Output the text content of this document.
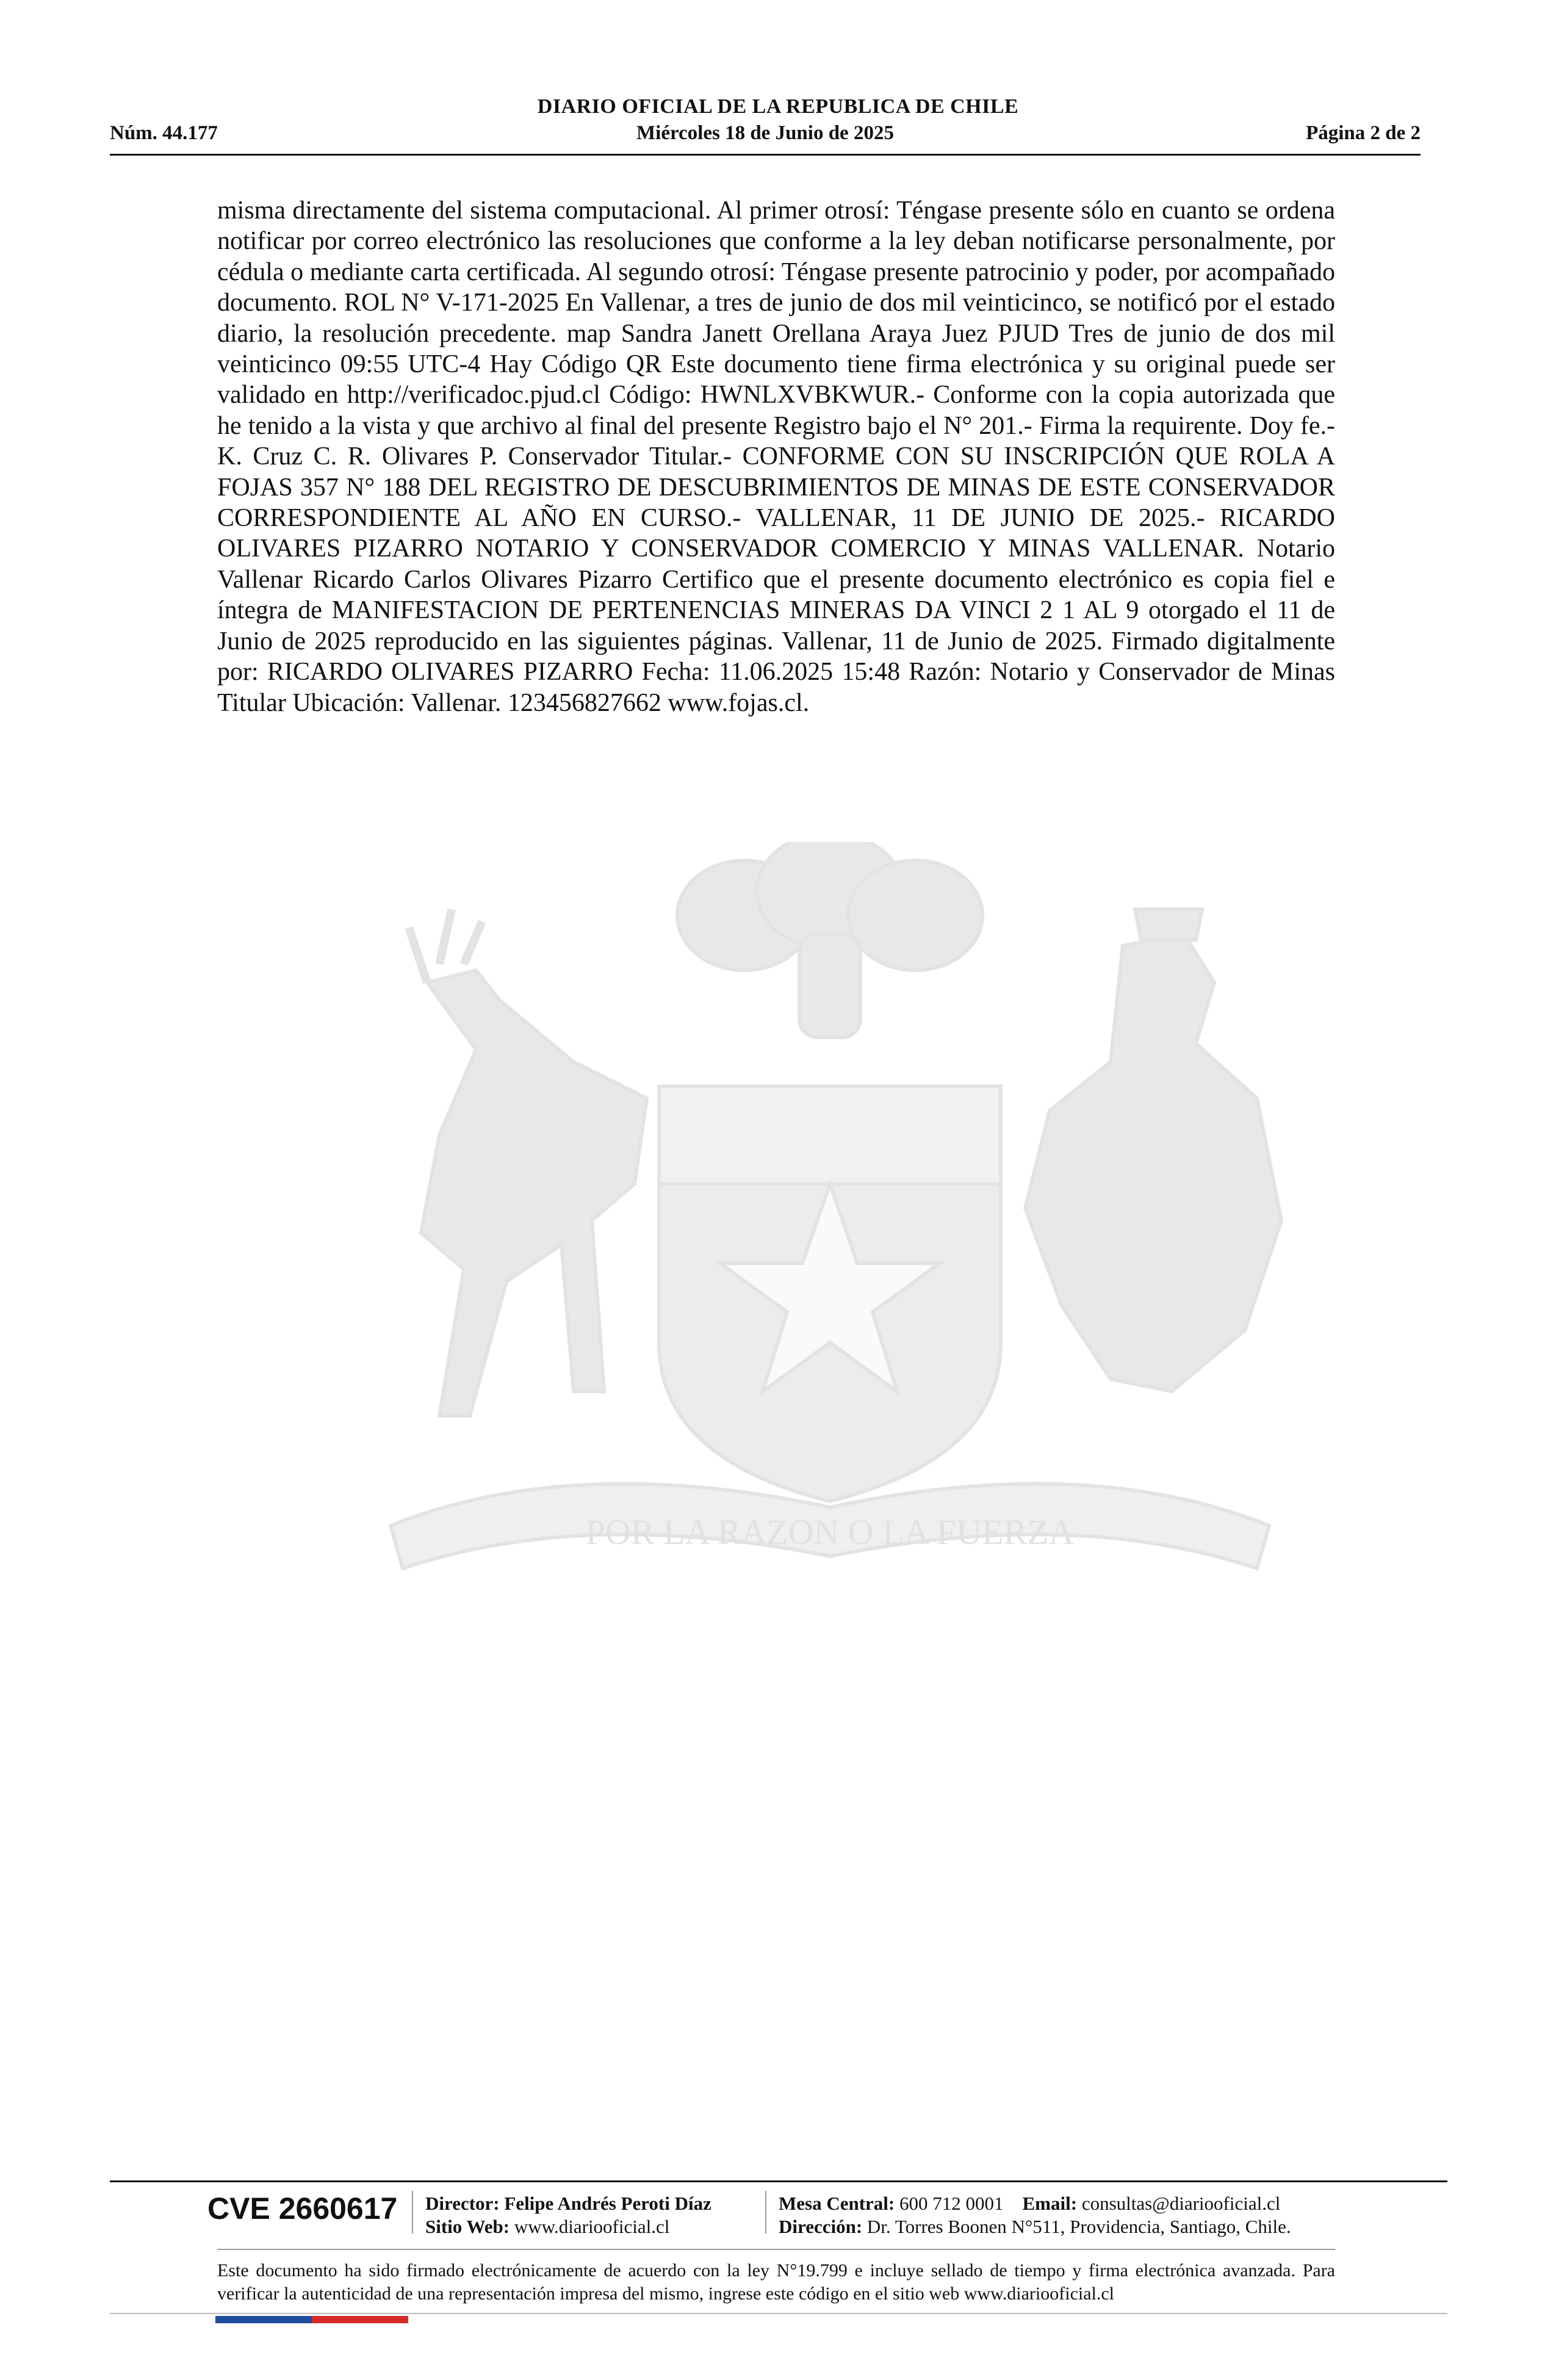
DIARIO OFICIAL DE LA REPUBLICA DE CHILE
Núm. 44.177	Miércoles 18 de Junio de 2025	Página 2 de 2
misma directamente del sistema computacional. Al primer otrosí: Téngase presente sólo en cuanto se ordena notificar por correo electrónico las resoluciones que conforme a la ley deban notificarse personalmente, por cédula o mediante carta certificada. Al segundo otrosí: Téngase presente patrocinio y poder, por acompañado documento. ROL N° V-171-2025 En Vallenar, a tres de junio de dos mil veinticinco, se notificó por el estado diario, la resolución precedente. map Sandra Janett Orellana Araya Juez PJUD Tres de junio de dos mil veinticinco 09:55 UTC-4 Hay Código QR Este documento tiene firma electrónica y su original puede ser validado en http://verificadoc.pjud.cl Código: HWNLXVBKWUR.- Conforme con la copia autorizada que he tenido a la vista y que archivo al final del presente Registro bajo el N° 201.- Firma la requirente. Doy fe.- K. Cruz C. R. Olivares P. Conservador Titular.- CONFORME CON SU INSCRIPCIÓN QUE ROLA A FOJAS 357 N° 188 DEL REGISTRO DE DESCUBRIMIENTOS DE MINAS DE ESTE CONSERVADOR CORRESPONDIENTE AL AÑO EN CURSO.- VALLENAR, 11 DE JUNIO DE 2025.- RICARDO OLIVARES PIZARRO NOTARIO Y CONSERVADOR COMERCIO Y MINAS VALLENAR. Notario Vallenar Ricardo Carlos Olivares Pizarro Certifico que el presente documento electrónico es copia fiel e íntegra de MANIFESTACION DE PERTENENCIAS MINERAS DA VINCI 2 1 AL 9 otorgado el 11 de Junio de 2025 reproducido en las siguientes páginas. Vallenar, 11 de Junio de 2025. Firmado digitalmente por: RICARDO OLIVARES PIZARRO Fecha: 11.06.2025 15:48 Razón: Notario y Conservador de Minas Titular Ubicación: Vallenar. 123456827662 www.fojas.cl.
POR LA RAZON O LA FUERZA
CVE 2660617 Director: Felipe Andrés Peroti Díaz
Sitio Web: www.diariooficial.cl
Mesa Central: 600 712 0001 Email: consultas@diariooficial.cl
Dirección: Dr. Torres Boonen N°511, Providencia, Santiago, Chile.
Este documento ha sido firmado electrónicamente de acuerdo con la ley N°19.799 e incluye sellado de tiempo y firma electrónica avanzada. Para verificar la autenticidad de una representación impresa del mismo, ingrese este código en el sitio web www.diariooficial.cl
